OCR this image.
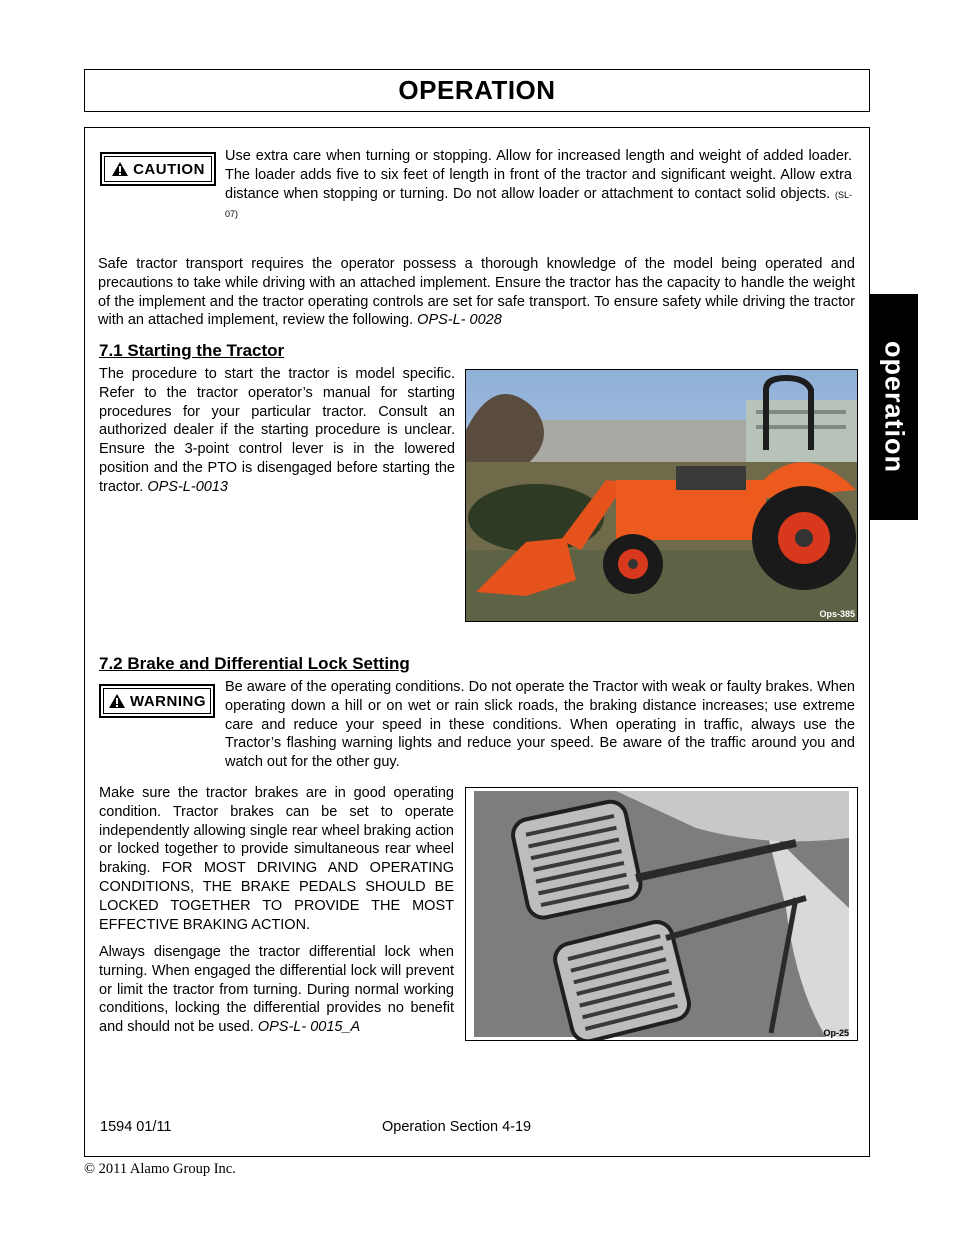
OPERATION
operation
CAUTION
Use extra care when turning or stopping. Allow for increased length and weight of added loader. The loader adds five to six feet of length in front of the tractor and significant weight. Allow extra distance when stopping or turning. Do not allow loader or attachment to contact solid objects. (SL-07)
Safe tractor transport requires the operator possess a thorough knowledge of the model being operated and precautions to take while driving with an attached implement. Ensure the tractor has the capacity to handle the weight of the implement and the tractor operating controls are set for safe transport. To ensure safety while driving the tractor with an attached implement, review the following. OPS-L- 0028
7.1 Starting the Tractor
The procedure to start the tractor is model specific. Refer to the tractor operator’s manual for starting procedures for your particular tractor. Consult an authorized dealer if the starting procedure is unclear. Ensure the 3-point control lever is in the lowered position and the PTO is disengaged before starting the tractor. OPS-L-0013
Ops-385
7.2 Brake and Differential Lock Setting
WARNING
Be aware of the operating conditions. Do not operate the Tractor with weak or faulty brakes. When operating down a hill or on wet or rain slick roads, the braking distance increases; use extreme care and reduce your speed in these conditions. When operating in traffic, always use the Tractor’s flashing warning lights and reduce your speed. Be aware of the traffic around you and watch out for the other guy.
Make sure the tractor brakes are in good operating condition. Tractor brakes can be set to operate independently allowing single rear wheel braking action or locked together to provide simultaneous rear wheel braking. FOR MOST DRIVING AND OPERATING CONDITIONS, THE BRAKE PEDALS SHOULD BE LOCKED TOGETHER TO PROVIDE THE MOST EFFECTIVE BRAKING ACTION.
Always disengage the tractor differential lock when turning. When engaged the differential lock will prevent or limit the tractor from turning. During normal working conditions, locking the differential provides no benefit and should not be used. OPS-L- 0015_A	Op-25
1594 01/11	Operation Section 4-19
© 2011 Alamo Group Inc.
